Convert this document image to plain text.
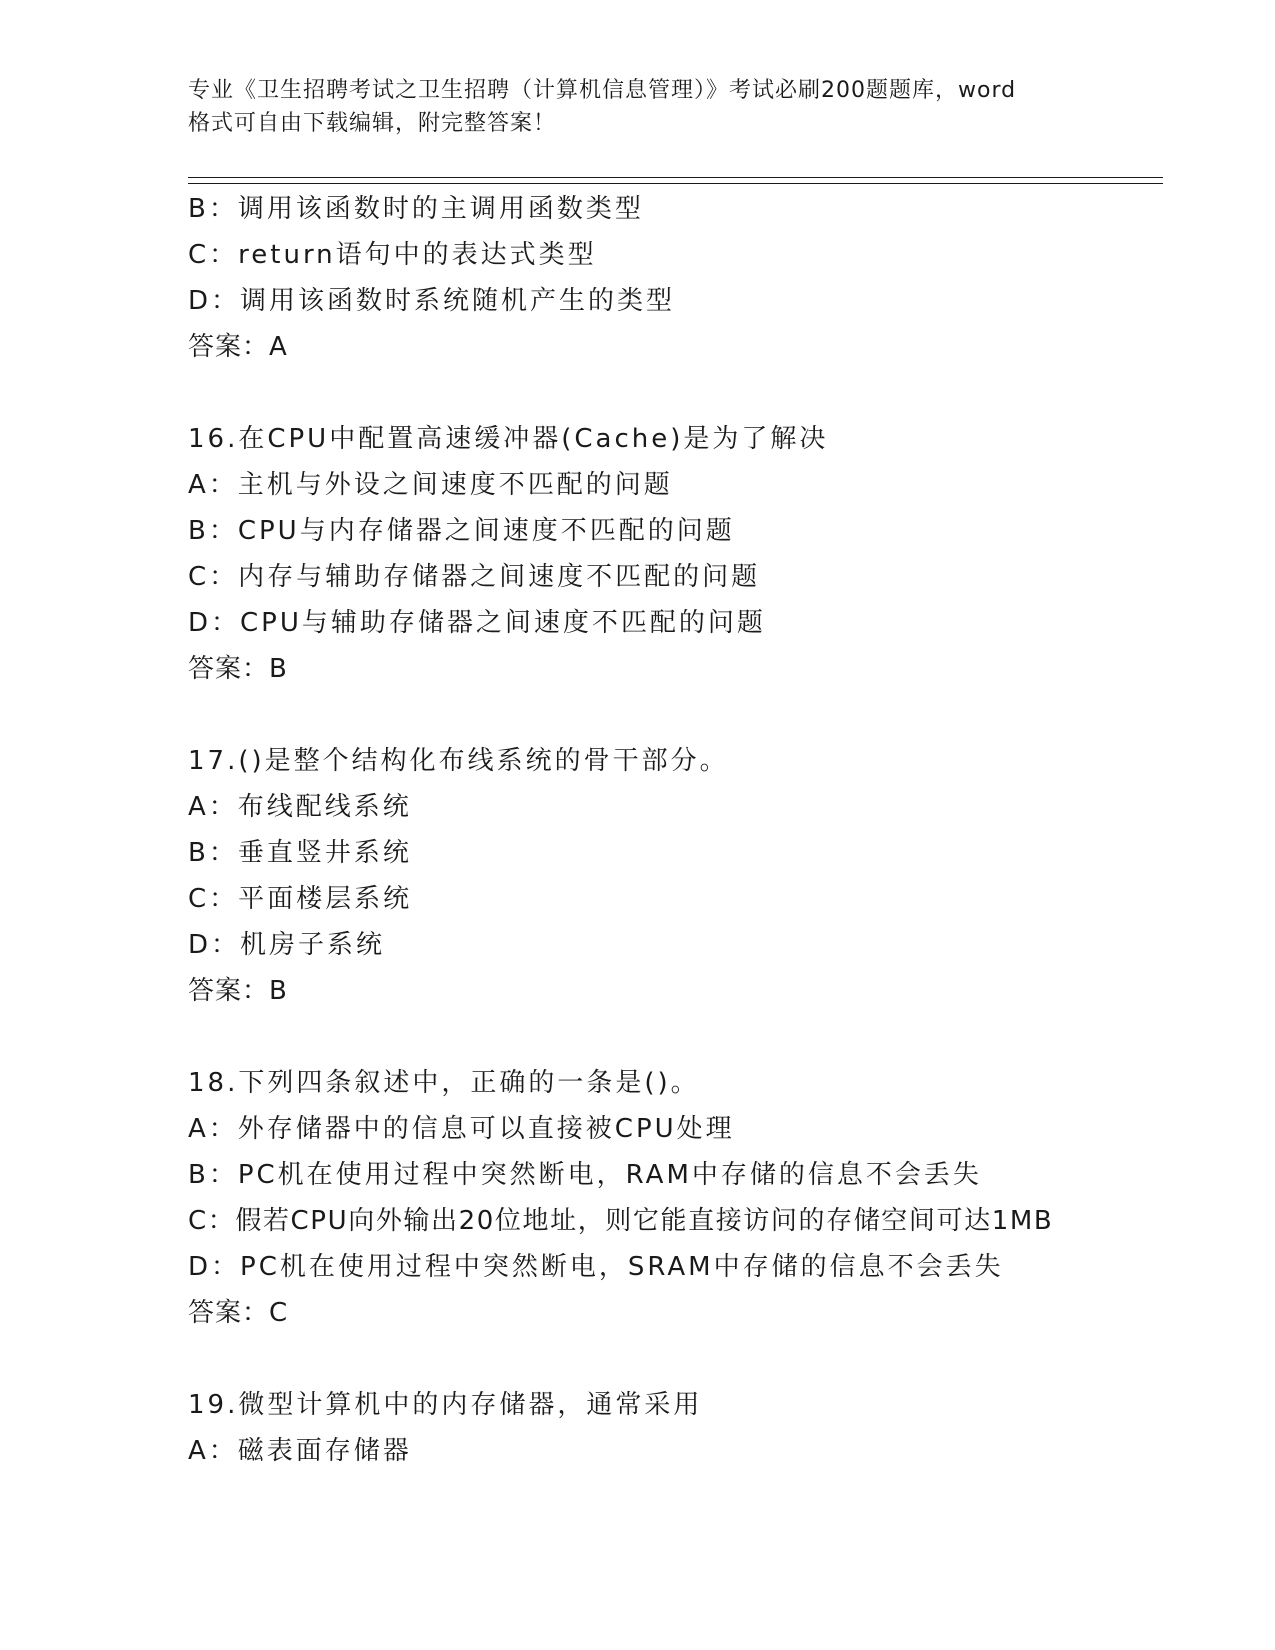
专业《卫生招聘考试之卫生招聘（计算机信息管理）》考试必刷200题题库，word
格式可自由下载编辑，附完整答案！
B：调用该函数时的主调用函数类型
C：return语句中的表达式类型
D：调用该函数时系统随机产生的类型
答案：A
16.在CPU中配置高速缓冲器(Cache)是为了解决
A：主机与外设之间速度不匹配的问题
B：CPU与内存储器之间速度不匹配的问题
C：内存与辅助存储器之间速度不匹配的问题
D：CPU与辅助存储器之间速度不匹配的问题
答案：B
17.()是整个结构化布线系统的骨干部分。
A：布线配线系统
B：垂直竖井系统
C：平面楼层系统
D：机房子系统
答案：B
18.下列四条叙述中，正确的一条是()。
A：外存储器中的信息可以直接被CPU处理
B：PC机在使用过程中突然断电，RAM中存储的信息不会丢失
C：假若CPU向外输出20位地址，则它能直接访问的存储空间可达1MB
D：PC机在使用过程中突然断电，SRAM中存储的信息不会丢失
答案：C
19.微型计算机中的内存储器，通常采用
A：磁表面存储器
